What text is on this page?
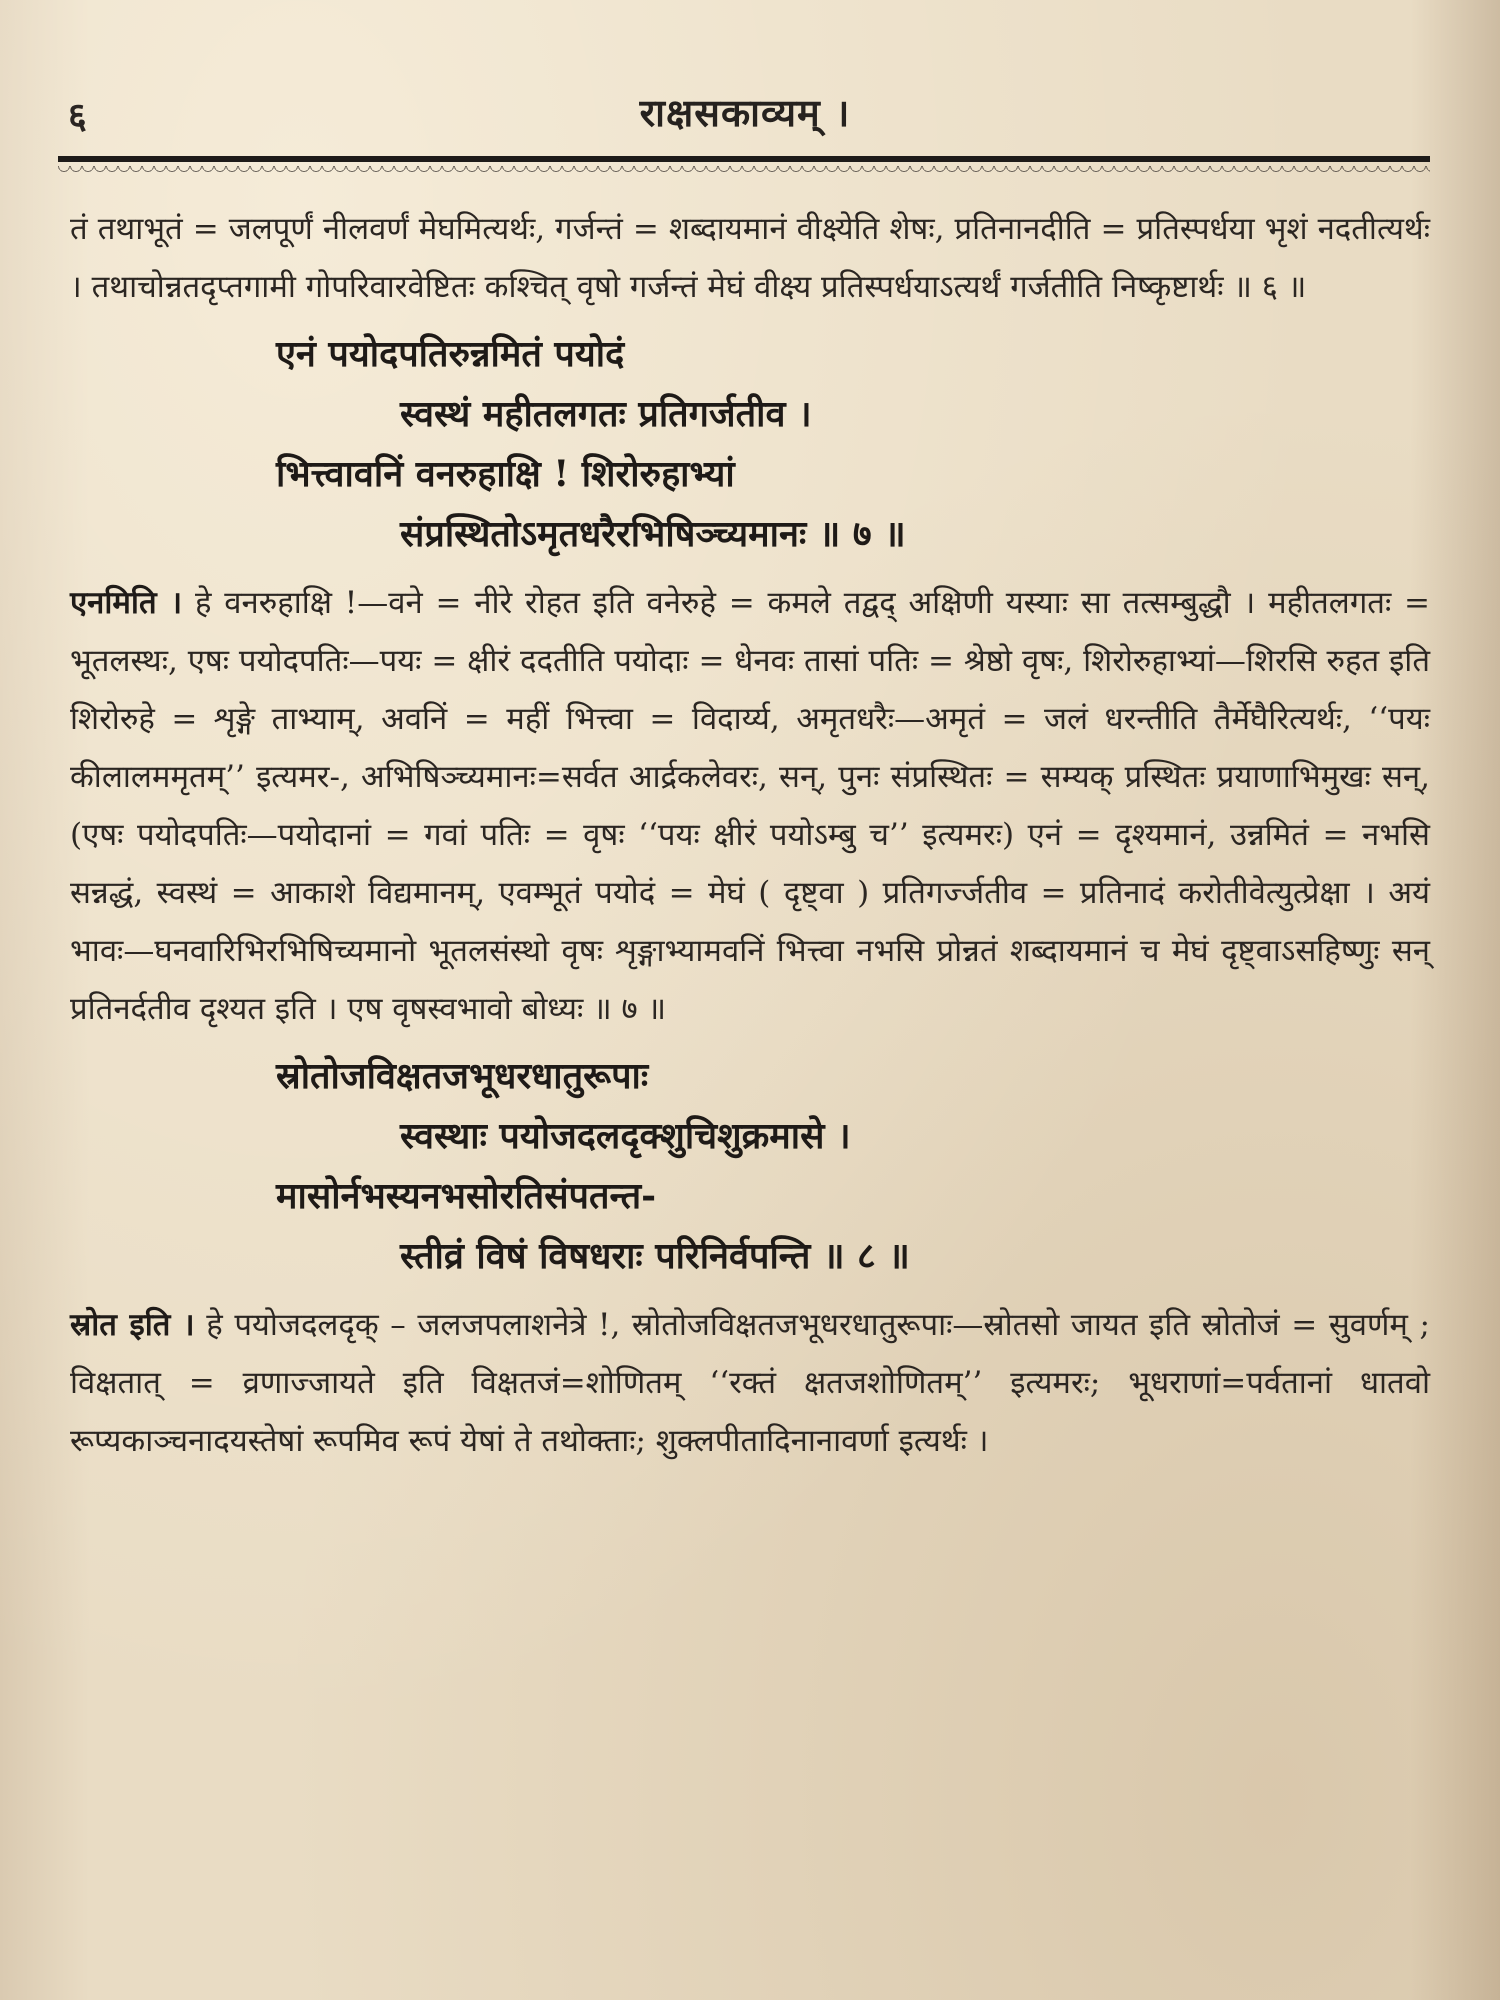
६	राक्षसकाव्यम् ।

तं तथाभूतं = जलपूर्णं नीलवर्णं मेघमित्यर्थः, गर्जन्तं = शब्दायमानं वीक्ष्येति शेषः, प्रतिनानदीति = प्रतिस्पर्धया भृशं नदतीत्यर्थः । तथाचोन्नतदृप्तगामी गोपरिवारवेष्टितः कश्चित् वृषो गर्जन्तं मेघं वीक्ष्य प्रतिस्पर्धयाऽत्यर्थं गर्जतीति निष्कृष्टार्थः ॥ ६ ॥

एनं पयोदपतिरुन्नमितं पयोदं
स्वस्थं महीतलगतः प्रतिगर्जतीव ।
भित्त्वावनिं वनरुहाक्षि ! शिरोरुहाभ्यां
संप्रस्थितोऽमृतधरैरभिषिञ्च्यमानः ॥ ७ ॥

एनमिति । हे वनरुहाक्षि !—वने = नीरे रोहत इति वनेरुहे = कमले तद्वद् अक्षिणी यस्याः सा तत्सम्बुद्धौ । महीतलगतः = भूतलस्थः, एषः पयोदपतिः—पयः = क्षीरं ददतीति पयोदाः = धेनवः तासां पतिः = श्रेष्ठो वृषः, शिरोरुहाभ्यां—शिरसि रुहत इति शिरोरुहे = शृङ्गे ताभ्याम्, अवनिं = महीं भित्त्वा = विदार्य्य, अमृतधरैः—अमृतं = जलं धरन्तीति तैर्मेघैरित्यर्थः, ‘‘पयः कीलालममृतम्’’ इत्यमर-, अभिषिञ्च्यमानः=सर्वत आर्द्रकलेवरः, सन्, पुनः संप्रस्थितः = सम्यक् प्रस्थितः प्रयाणाभिमुखः सन्, (एषः पयोदपतिः—पयोदानां = गवां पतिः = वृषः ‘‘पयः क्षीरं पयोऽम्बु च’’ इत्यमरः) एनं = दृश्यमानं, उन्नमितं = नभसि सन्नद्धं, स्वस्थं = आकाशे विद्यमानम्, एवम्भूतं पयोदं = मेघं ( दृष्ट्वा ) प्रतिगर्ज्जतीव = प्रतिनादं करोतीवेत्युत्प्रेक्षा । अयं भावः—घनवारिभिरभिषिच्यमानो भूतलसंस्थो वृषः शृङ्गाभ्यामवनिं भित्त्वा नभसि प्रोन्नतं शब्दायमानं च मेघं दृष्ट्वाऽसहिष्णुः सन् प्रतिनर्दतीव दृश्यत इति । एष वृषस्वभावो बोध्यः ॥ ७ ॥

स्रोतोजविक्षतजभूधरधातुरूपाः
स्वस्थाः पयोजदलदृक्शुचिशुक्रमासे ।
मासोर्नभस्यनभसोरतिसंपतन्त-
स्तीव्रं विषं विषधराः परिनिर्वपन्ति ॥ ८ ॥

स्रोत इति । हे पयोजदलदृक् – जलजपलाशनेत्रे !, स्रोतोजविक्षतजभूधरधातुरूपाः—स्रोतसो जायत इति स्रोतोजं = सुवर्णम् ; विक्षतात् = व्रणाज्जायते इति विक्षतजं=शोणितम् ‘‘रक्तं क्षतजशोणितम्’’ इत्यमरः; भूधराणां=पर्वतानां धातवो रूप्यकाञ्चनादयस्तेषां रूपमिव रूपं येषां ते तथोक्ताः; शुक्लपीतादिनानावर्णा इत्यर्थः ।
